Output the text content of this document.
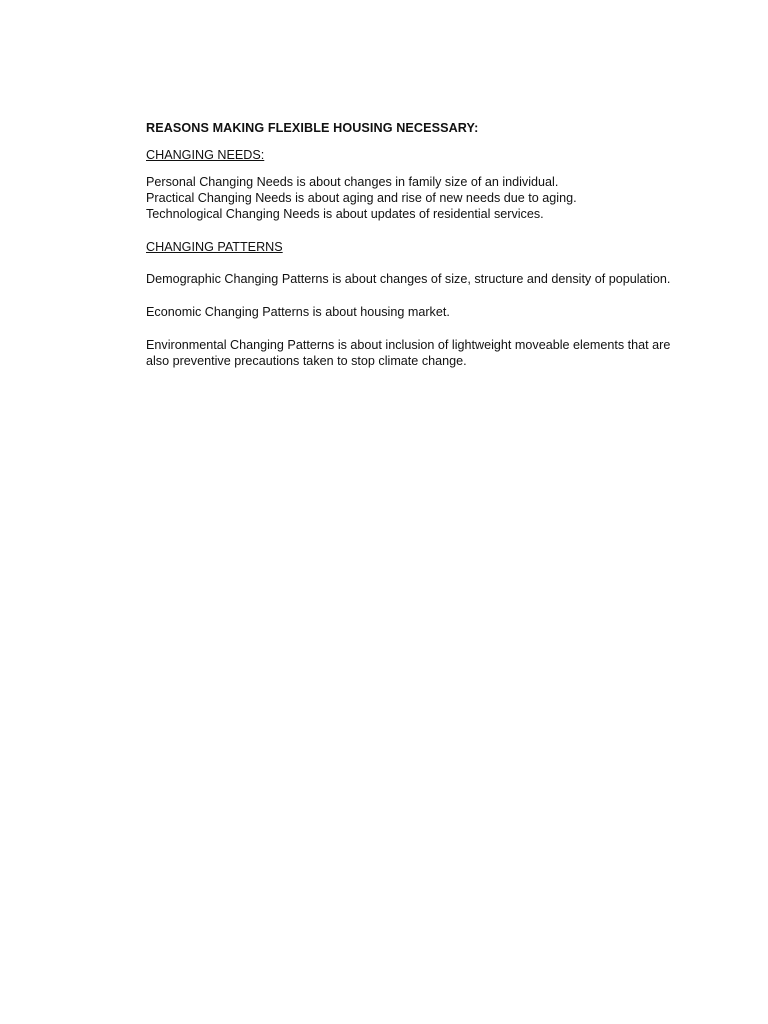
REASONS MAKING FLEXIBLE HOUSING NECESSARY:
CHANGING NEEDS:
Personal Changing Needs is about changes in family size of an individual.
Practical Changing Needs is about aging and rise of new needs due to aging.
Technological Changing Needs is about updates of residential services.
CHANGING PATTERNS
Demographic Changing Patterns is about changes of size, structure and density of population.
Economic Changing Patterns is about housing market.
Environmental Changing Patterns is about inclusion of lightweight moveable elements that are also preventive precautions taken to stop climate change.
